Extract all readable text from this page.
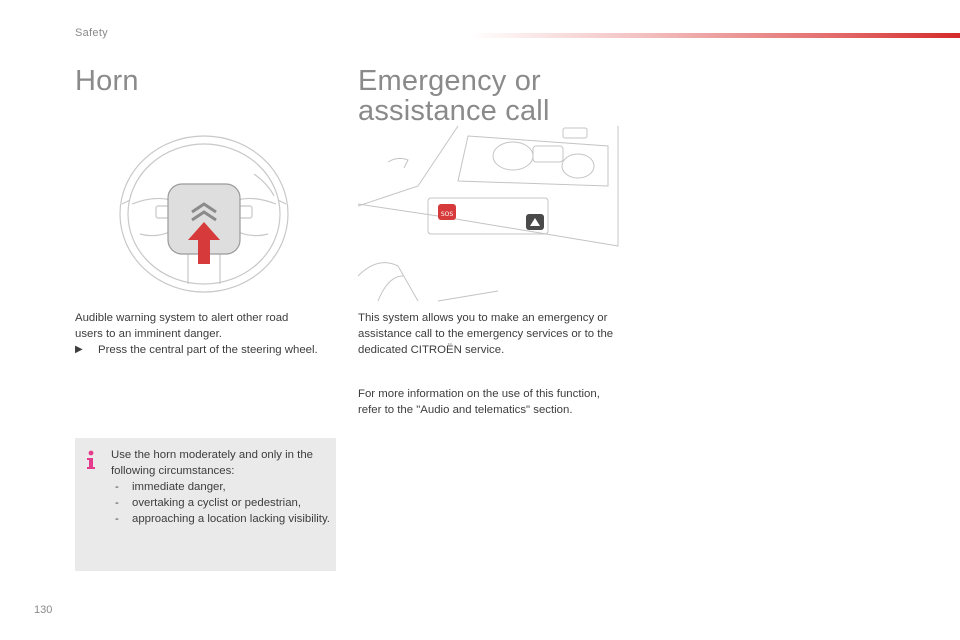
Safety
Horn	Emergency or assistance call
SOS

Audible warning system to alert other road users to an imminent danger.

▶	Press the central part of the steering wheel.

This system allows you to make an emergency or assistance call to the emergency services or to the dedicated CITROËN service.

For more information on the use of this function, refer to the "Audio and telematics" section.

Use the horn moderately and only in the following circumstances:
- immediate danger,
- overtaking a cyclist or pedestrian,
- approaching a location lacking visibility.
130
